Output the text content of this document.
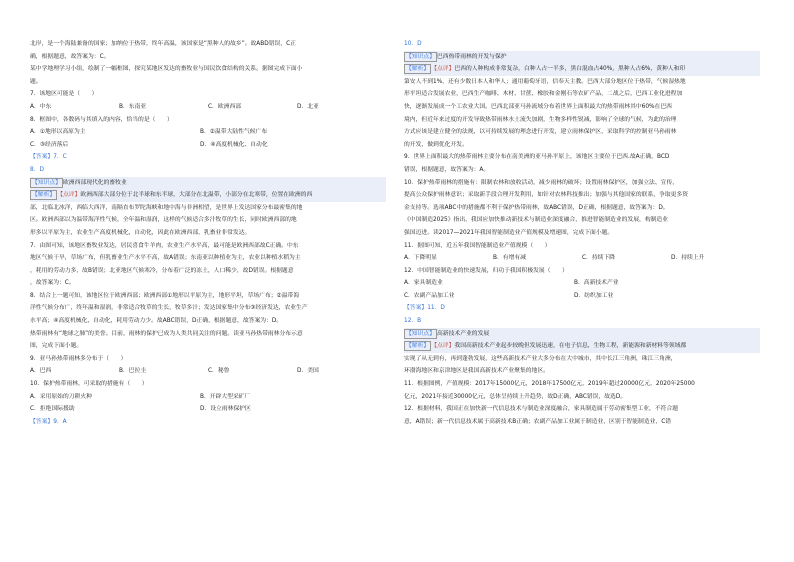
北岸，是一个海陆兼备的国家；加纳位于热带，终年高温，该国家是“黑种人的故乡”。故ABD错误，C正
确，根据题意，故答案为：C。
某中学地理学习小组，绘制了一幅框图，探究某地区发达的畜牧业与国民饮食结构的关系。据图完成下面小
题。
7．该地区可能是（　　）
A．中东	B．东南亚	C．欧洲西部	D．北亚
8．框图中，各数码与其填入的内容，恰当的是（　　）
A．①地形以高原为主	B．②温带大陆性气候广布
C．③经济落后	D．④高度机械化、自动化
【答案】7．C
8．D
【知识点】 欧洲西部现代化的畜牧业
【解析】 【点评】欧洲西部大部分位于北半球和东半球，大部分在北温带，小部分在北寒带，位置在欧洲的西
部，北临北冰洋，西临大西洋，南隔直布罗陀海峡和地中海与非洲相望，是世界上发达国家分布最密集的地
区。欧洲西部以为温带海洋性气候，全年温和湿润，这样的气候适合多汁牧草的生长，同时欧洲西部的地
形多以平原为主，农业生产高度机械化，自动化，因此在欧洲西部，乳畜业非常发达。
7．由图可知，该地区畜牧业发达，居民喜食牛羊肉，农业生产水平高，最可能是欧洲西部故C正确。中东
地区气候干旱，草场广布，但乳畜业生产水平不高，故A错误；东南亚以种植业为主，农业以种植水稻为主
，耗用的劳动力多，故B错误；北亚地区气候寒冷，分布着广泛的冻土，人口稀少，故D错误。根据题意
，故答案为：C。
8．结合上一题可知，该地区位于欧洲西部；欧洲西部①地形以平原为主，地形平坦，草场广布；②温带海
洋性气候分布广，终年温和湿润，非常适合牧草的生长，牧草多汁；发达国家集中分布③经济发达，农业生产
水平高；④高度机械化、自动化，耗用劳动力少。故ABC错误，D正确，根据题意，故答案为：D。
热带雨林有“地球之肺”的美誉。目前，雨林的保护已成为人类共同关注的问题。读亚马孙热带雨林分布示意
图，完成下面小题。
9．亚马孙热带雨林多分布于（　　）
A．巴西	B．巴拉圭	C．秘鲁	D．美国
10．保护热带雨林，可采取的措施有（　　）
A．采用原始的刀耕火种	B．开辟大型采矿厂
C．拒绝国际援助	D．设立雨林保护区
【答案】9．A
10．D
【知识点】 巴西热带雨林的开发与保护
【解析】 【点评】巴西的人种构成非常复杂，白种人占一半多，黑白混血占40%，黑种人占6%，黄种人和印
第安人不到1%，还有少数日本人和华人；通用葡萄牙语，信奉天主教。巴西大部分地区位于热带，气候湿热地
形平坦适合发展农业，巴西生产咖啡、木材、甘蔗、橡胶和金刚石等农矿产品，二战之后，巴西工业化进程加
快，逐渐发展成一个工农业大国。巴西北部亚马孙流域分布着世界上面积最大的热带雨林其中60%在巴西
境内，但近年来过度的开发导致热带雨林水土流失加剧，生物多样性锐减，影响了全球的气候，为此的治理
方式应该是建立健全的法规，以可持续发展的理念进行开发，建立雨林保护区，采取科学的控制亚马孙雨林
的开发，做到优化开发。
9．世界上面积最大的热带雨林主要分布在南美洲的亚马孙平原上，该地区主要位于巴西.故A正确，BCD
错误，根据题意，故答案为：A。
10．保护热带雨林的措施有：限制农林和放收活动，减少雨林的破坏；设置雨林保护区，加强立法、宣传，
提高公众保护雨林意识；采取新手段合理开发利用，如针对农林科技推出；加强与其他国家的联系，争取更多资
金支持等。选项ABC中的措施都不利于保护热带雨林，故ABC错误，D正确，根据题意，故答案为：D。
《中国制造2025》指出，我国应加快推动新技术与制造业深度融合，推进智能制造业的发展，构制造业
强国迈进。读2017—2021年我国智能制造业产值规模及增速图，完成下面小题。
11．据图可知，近五年我国智能制造业产值规模（　　）
A．下降明显	B．有增有减	C．持续下降	D．持续上升
12．中国智能制造业的快速发展，归功于我国积极发展（　　）
A．家具制造业	B．高新技术产业
C．农副产品加工业	D．纺织加工业
【答案】11．D
12．B
【知识点】 高新技术产业的发展
【解析】 【点评】我国高新技术产业起步较晚但发展迅速，在电子信息，生物工程，新能源和新材料等领域都
实现了从无到有，再到蓬勃发展，这些高新技术产业大多分布在大中城市，其中长江三角洲，珠江三角洲，
环渤海地区和京津地区是我国高新技术产业聚集的地区。
11．根据图例，产值规模：2017年15000亿元，2018年17500亿元，2019年超过20000亿元，2020年25000
亿元，2021年接近30000亿元，总体呈持续上升趋势，故D正确，ABC错误，故选D。
12．根据材料，我国正在加快新一代信息技术与制造业深度融合，家具制造属于劳动密集型工业，不符合题
意，A错误；新一代信息技术属于高新技术B正确；农副产品加工业属于制造业，区别于智能制造业，C错
